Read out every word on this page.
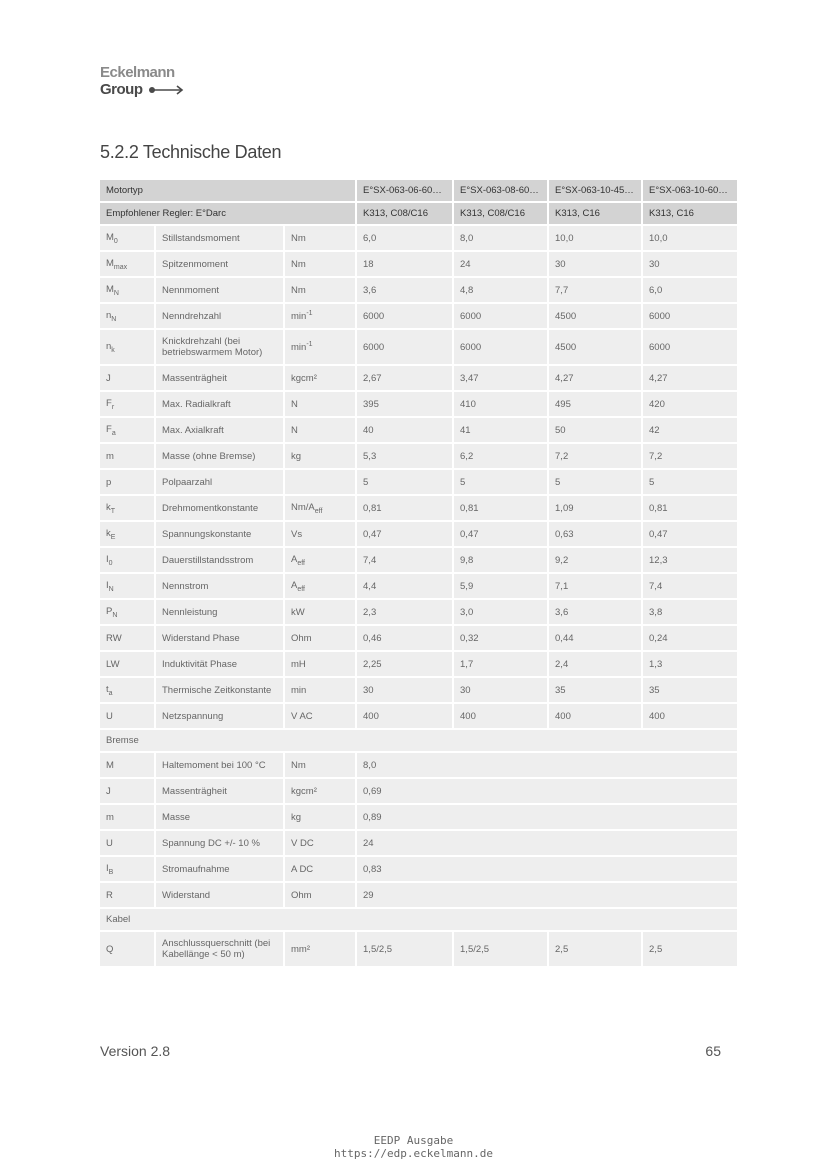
Eckelmann
Group
5.2.2 Technische Daten
Motortyp			E°SX-063-06-60…	E°SX-063-08-60…	E°SX-063-10-45…	E°SX-063-10-60…
Empfohlener Regler: E°Darc			K313, C08/C16	K313, C08/C16	K313, C16	K313, C16
$M_0$	Stillstandsmoment	Nm	6,0	8,0	10,0	10,0
$M_{max}$	Spitzenmoment	Nm	18	24	30	30
$M_N$	Nennmoment	Nm	3,6	4,8	7,7	6,0
$n_N$	Nenndrehzahl	$\min^{-1}$	6000	6000	4500	6000
$n_k$	Knickdrehzahl (bei betriebswarmem Motor)	$\min^{-1}$	6000	6000	4500	6000
J	Massenträgheit	kgcm²	2,67	3,47	4,27	4,27
$F_r$	Max. Radialkraft	N	395	410	495	420
$F_a$	Max. Axialkraft	N	40	41	50	42
m	Masse (ohne Bremse)	kg	5,3	6,2	7,2	7,2
p	Polpaarzahl		5	5	5	5
$k_T$	Drehmomentkonstante	$Nm/A_{eff}$	0,81	0,81	1,09	0,81
$k_E$	Spannungskonstante	Vs	0,47	0,47	0,63	0,47
$I_0$	Dauerstillstandsstrom	$A_{eff}$	7,4	9,8	9,2	12,3
$I_N$	Nennstrom	$A_{eff}$	4,4	5,9	7,1	7,4
$P_N$	Nennleistung	kW	2,3	3,0	3,6	3,8
RW	Widerstand Phase	Ohm	0,46	0,32	0,44	0,24
LW	Induktivität Phase	mH	2,25	1,7	2,4	1,3
$t_a$	Thermische Zeitkonstante	min	30	30	35	35
U	Netzspannung	V AC	400	400	400	400
Bremse						
M	Haltemoment bei 100 °C	Nm	8,0			
J	Massenträgheit	kgcm²	0,69			
m	Masse	kg	0,89			
U	Spannung DC +/- 10 %	V DC	24			
$I_B$	Stromaufnahme	A DC	0,83			
R	Widerstand	Ohm	29			
Kabel						
Q	Anschlussquerschnitt (bei Kabellänge < 50 m)	mm²	1,5/2,5	1,5/2,5	2,5	2,5
Version 2.8	65
EEDP Ausgabe
https://edp.eckelmann.de
